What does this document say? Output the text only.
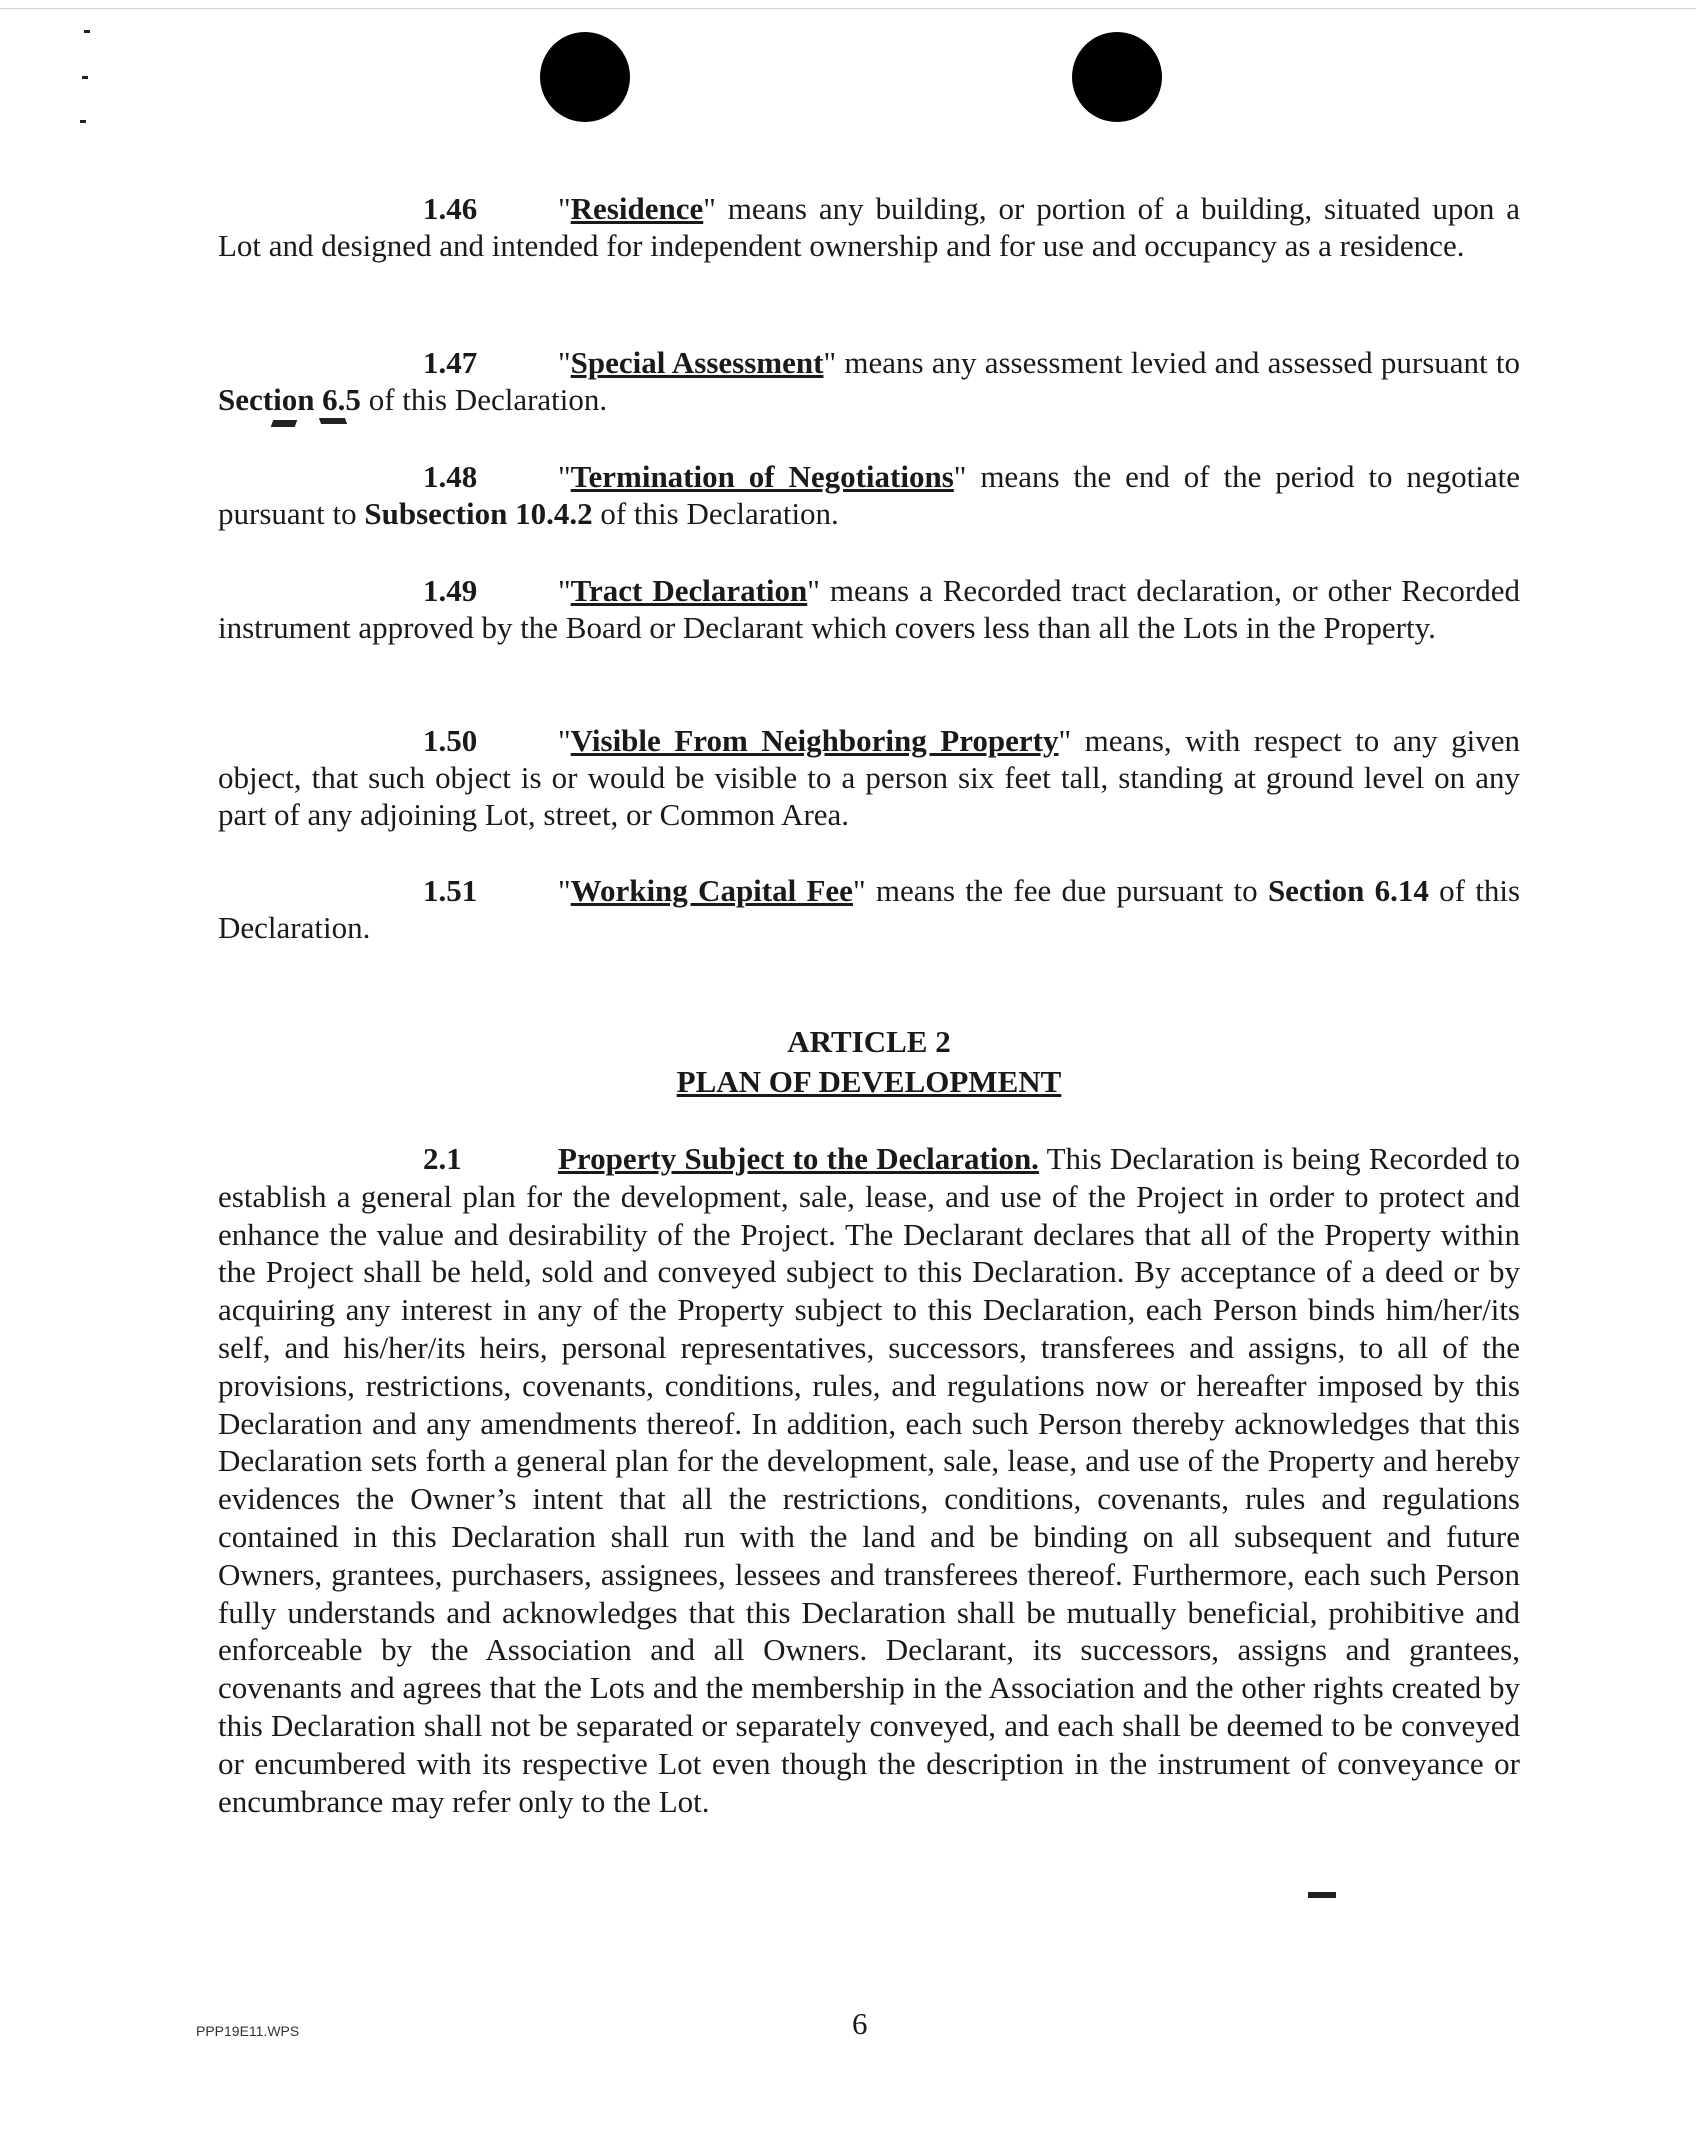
1.46	"Residence" means any building, or portion of a building, situated upon a Lot and designed and intended for independent ownership and for use and occupancy as a residence.
1.47	"Special Assessment" means any assessment levied and assessed pursuant to Section 6.5 of this Declaration.
1.48	"Termination of Negotiations" means the end of the period to negotiate pursuant to Subsection 10.4.2 of this Declaration.
1.49	"Tract Declaration" means a Recorded tract declaration, or other Recorded instrument approved by the Board or Declarant which covers less than all the Lots in the Property.
1.50	"Visible From Neighboring Property" means, with respect to any given object, that such object is or would be visible to a person six feet tall, standing at ground level on any part of any adjoining Lot, street, or Common Area.
1.51	"Working Capital Fee" means the fee due pursuant to Section 6.14 of this Declaration.
ARTICLE 2
PLAN OF DEVELOPMENT
2.1	Property Subject to the Declaration. This Declaration is being Recorded to establish a general plan for the development, sale, lease, and use of the Project in order to protect and enhance the value and desirability of the Project. The Declarant declares that all of the Property within the Project shall be held, sold and conveyed subject to this Declaration. By acceptance of a deed or by acquiring any interest in any of the Property subject to this Declaration, each Person binds him/her/its self, and his/her/its heirs, personal representatives, successors, transferees and assigns, to all of the provisions, restrictions, covenants, conditions, rules, and regulations now or hereafter imposed by this Declaration and any amendments thereof. In addition, each such Person thereby acknowledges that this Declaration sets forth a general plan for the development, sale, lease, and use of the Property and hereby evidences the Owner’s intent that all the restrictions, conditions, covenants, rules and regulations contained in this Declaration shall run with the land and be binding on all subsequent and future Owners, grantees, purchasers, assignees, lessees and transferees thereof. Furthermore, each such Person fully understands and acknowledges that this Declaration shall be mutually beneficial, prohibitive and enforceable by the Association and all Owners. Declarant, its successors, assigns and grantees, covenants and agrees that the Lots and the membership in the Association and the other rights created by this Declaration shall not be separated or separately conveyed, and each shall be deemed to be conveyed or encumbered with its respective Lot even though the description in the instrument of conveyance or encumbrance may refer only to the Lot.
PPP19E11.WPS	6
